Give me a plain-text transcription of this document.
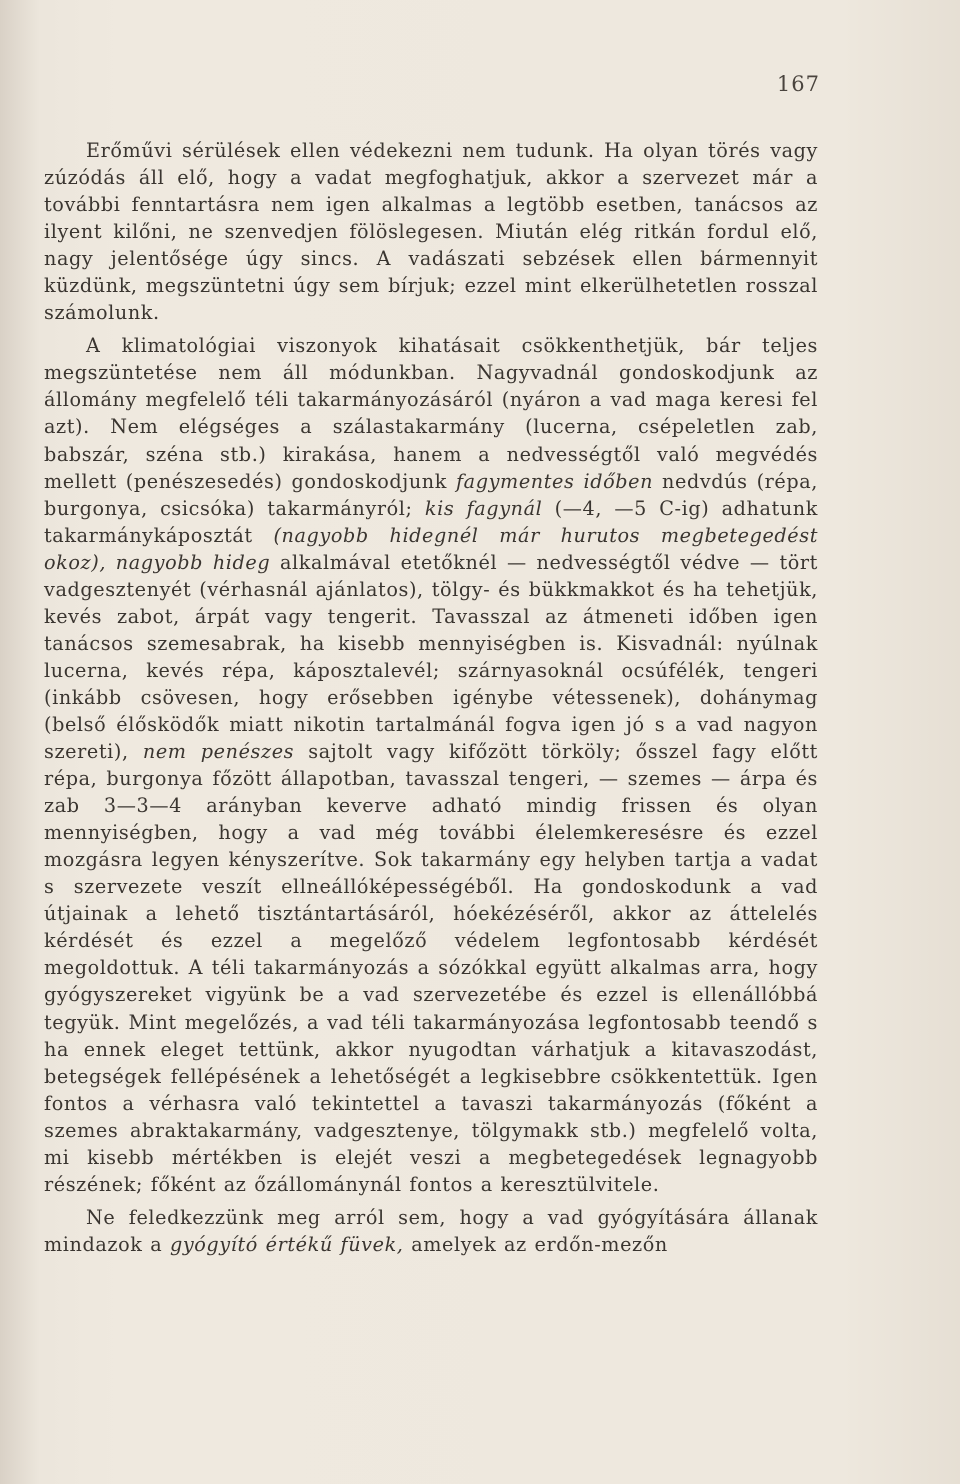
167

Erőművi sérülések ellen védekezni nem tudunk. Ha olyan törés vagy zúzódás áll elő, hogy a vadat megfoghatjuk, akkor a szervezet már a további fenntartásra nem igen alkalmas a legtöbb esetben, tanácsos az ilyent kilőni, ne szenvedjen fölöslegesen. Miután elég ritkán fordul elő, nagy jelentősége úgy sincs. A vadászati sebzések ellen bármennyit küzdünk, megszüntetni úgy sem bírjuk; ezzel mint elkerülhetetlen rosszal számolunk.

A klimatológiai viszonyok kihatásait csökkenthetjük, bár teljes megszüntetése nem áll módunkban. Nagyvadnál gondoskodjunk az állomány megfelelő téli takarmányozásáról (nyáron a vad maga keresi fel azt). Nem elégséges a szálastakarmány (lucerna, csépeletlen zab, babszár, széna stb.) kirakása, hanem a nedvességtől való megvédés mellett (penészesedés) gondoskodjunk fagymentes időben nedvdús (répa, burgonya, csicsóka) takarmányról; kis fagynál (—4, —5 C-ig) adhatunk takarmánykáposztát (nagyobb hidegnél már hurutos megbetegedést okoz), nagyobb hideg alkalmával etetőknél — nedvességtől védve — tört vadgesztenyét (vérhasnál ajánlatos), tölgy- és bükkmakkot és ha tehetjük, kevés zabot, árpát vagy tengerit. Tavasszal az átmeneti időben igen tanácsos szemesabrak, ha kisebb mennyiségben is. Kisvadnál: nyúlnak lucerna, kevés répa, káposztalevél; szárnyasoknál ocsúfélék, tengeri (inkább csövesen, hogy erősebben igénybe vétessenek), dohánymag (belső élősködők miatt nikotin tartalmánál fogva igen jó s a vad nagyon szereti), nem penészes sajtolt vagy kifőzött törköly; ősszel fagy előtt répa, burgonya főzött állapotban, tavasszal tengeri, — szemes — árpa és zab 3—3—4 arányban keverve adható mindig frissen és olyan mennyiségben, hogy a vad még további élelemkeresésre és ezzel mozgásra legyen kényszerítve. Sok takarmány egy helyben tartja a vadat s szervezete veszít ellneállóképességéből. Ha gondoskodunk a vad útjainak a lehető tisztántartásáról, hóekézéséről, akkor az áttelelés kérdését és ezzel a megelőző védelem legfontosabb kérdését megoldottuk. A téli takarmányozás a sózókkal együtt alkalmas arra, hogy gyógyszereket vigyünk be a vad szervezetébe és ezzel is ellenállóbbá tegyük. Mint megelőzés, a vad téli takarmányozása legfontosabb teendő s ha ennek eleget tettünk, akkor nyugodtan várhatjuk a kitavaszodást, betegségek fellépésének a lehetőségét a legkisebbre csökkentettük. Igen fontos a vérhasra való tekintettel a tavaszi takarmányozás (főként a szemes abraktakarmány, vadgesztenye, tölgymakk stb.) megfelelő volta, mi kisebb mértékben is elejét veszi a megbetegedések legnagyobb részének; főként az őzállománynál fontos a keresztülvitele.

Ne feledkezzünk meg arról sem, hogy a vad gyógyítására állanak mindazok a gyógyító értékű füvek, amelyek az erdőn-mezőn
